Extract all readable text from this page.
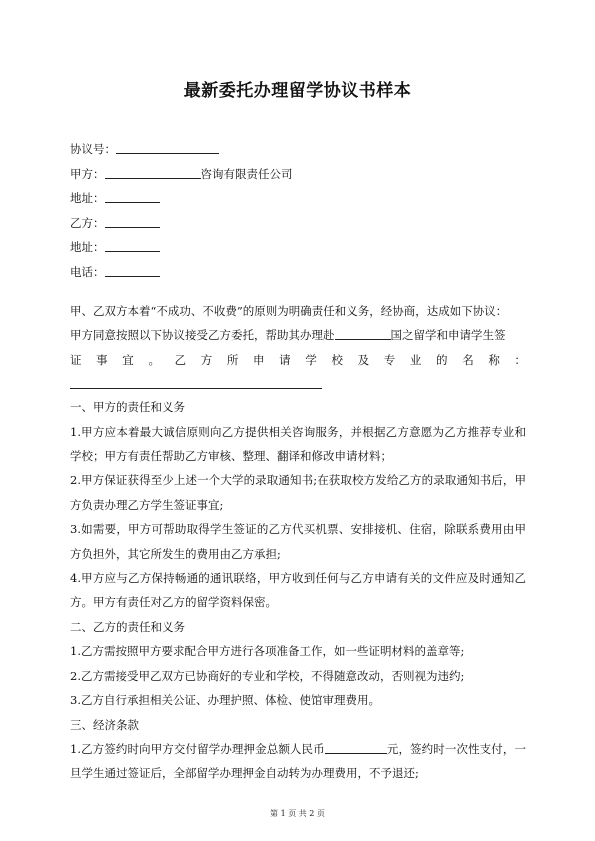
最新委托办理留学协议书样本
协议号：
甲方：	咨询有限责任公司
地址：
乙方：
地址：
电话：

甲、乙双方本着“不成功、不收费”的原则为明确责任和义务，经协商，达成如下协议：

甲方同意按照以下协议接受乙方委托，帮助其办理赴	国之留学和申请学生签

证事宜。乙方所申请学校及专业的名称：

一、甲方的责任和义务

1.甲方应本着最大诚信原则向乙方提供相关咨询服务，并根据乙方意愿为乙方推荐专业和学校；甲方有责任帮助乙方审核、整理、翻译和修改申请材料；

2.甲方保证获得至少上述一个大学的录取通知书;在获取校方发给乙方的录取通知书后，甲方负责办理乙方学生签证事宜;

3.如需要，甲方可帮助取得学生签证的乙方代买机票、安排接机、住宿，除联系费用由甲方负担外，其它所发生的费用由乙方承担;

4.甲方应与乙方保持畅通的通讯联络，甲方收到任何与乙方申请有关的文件应及时通知乙方。甲方有责任对乙方的留学资料保密。

二、乙方的责任和义务

1.乙方需按照甲方要求配合甲方进行各项准备工作，如一些证明材料的盖章等;

2.乙方需接受甲乙双方已协商好的专业和学校，不得随意改动，否则视为违约;

3.乙方自行承担相关公证、办理护照、体检、使馆审理费用。

三、经济条款

1.乙方签约时向甲方交付留学办理押金总额人民币	元，签约时一次性支付，一旦学生通过签证后，全部留学办理押金自动转为办理费用，不予退还;

第 1 页 共 2 页
